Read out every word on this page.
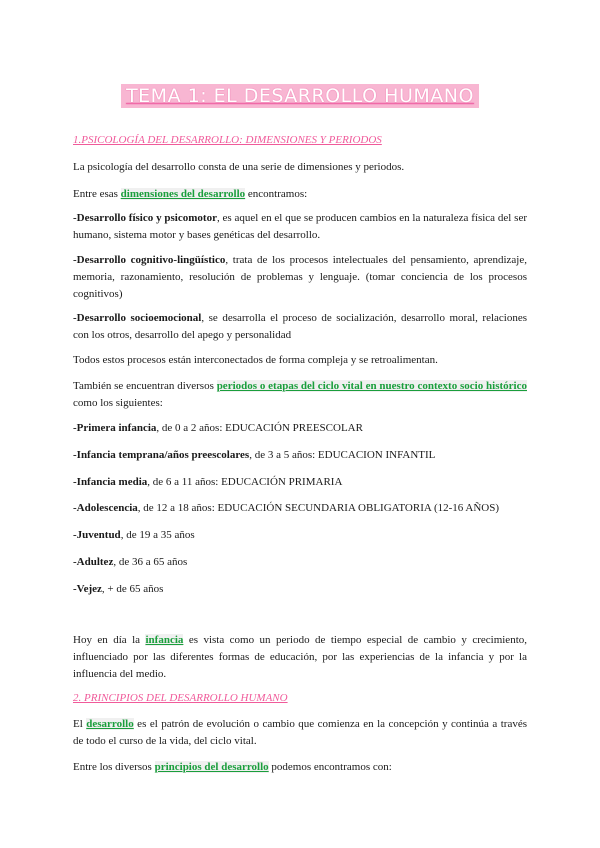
TEMA 1: EL DESARROLLO HUMANO
1.PSICOLOGÍA DEL DESARROLLO: DIMENSIONES Y PERIODOS
La psicología del desarrollo consta de una serie de dimensiones y periodos.
Entre esas dimensiones del desarrollo encontramos:
-Desarrollo físico y psicomotor, es aquel en el que se producen cambios en la naturaleza física del ser humano, sistema motor y bases genéticas del desarrollo.
-Desarrollo cognitivo-lingüístico, trata de los procesos intelectuales del pensamiento, aprendizaje, memoria, razonamiento, resolución de problemas y lenguaje. (tomar conciencia de los procesos cognitivos)
-Desarrollo socioemocional, se desarrolla el proceso de socialización, desarrollo moral, relaciones con los otros, desarrollo del apego y personalidad
Todos estos procesos están interconectados de forma compleja y se retroalimentan.
También se encuentran diversos periodos o etapas del ciclo vital en nuestro contexto socio histórico como los siguientes:
-Primera infancia, de 0 a 2 años: EDUCACIÓN PREESCOLAR
-Infancia temprana/años preescolares, de 3 a 5 años: EDUCACION INFANTIL
-Infancia media, de 6 a 11 años: EDUCACIÓN PRIMARIA
-Adolescencia, de 12 a 18 años: EDUCACIÓN SECUNDARIA OBLIGATORIA (12-16 AÑOS)
-Juventud, de 19 a 35 años
-Adultez, de 36 a 65 años
-Vejez, + de 65 años
Hoy en día la infancia es vista como un periodo de tiempo especial de cambio y crecimiento, influenciado por las diferentes formas de educación, por las experiencias de la infancia y por la influencia del medio.
2. PRINCIPIOS DEL DESARROLLO HUMANO
El desarrollo es el patrón de evolución o cambio que comienza en la concepción y continúa a través de todo el curso de la vida, del ciclo vital.
Entre los diversos principios del desarrollo podemos encontramos con:
